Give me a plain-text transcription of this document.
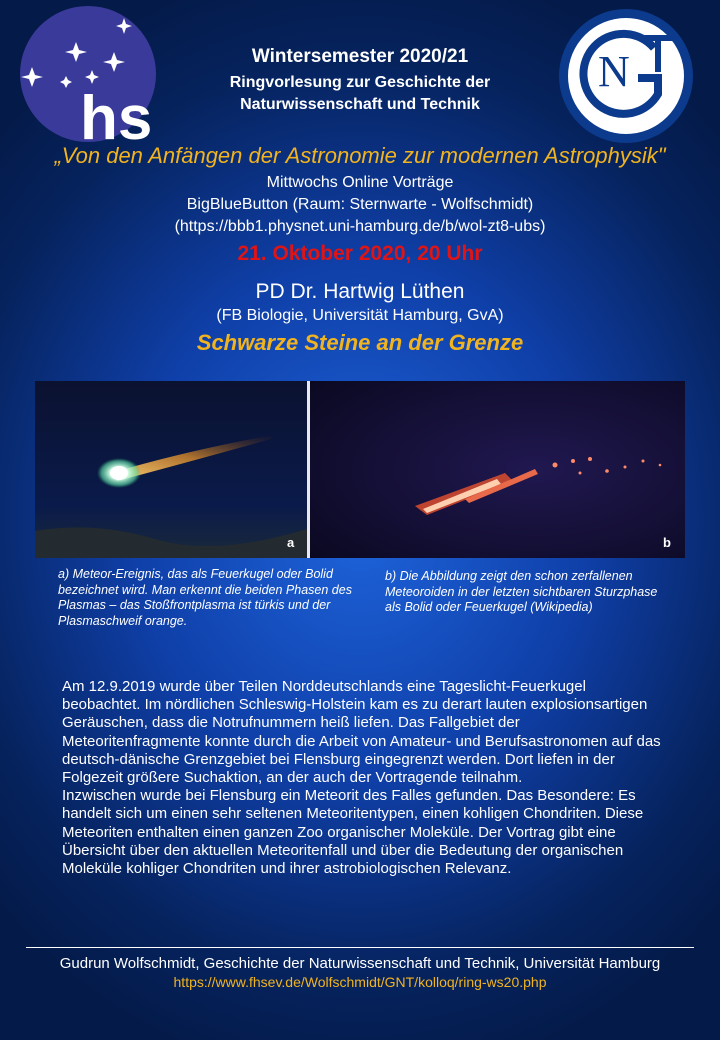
hs
N
Wintersemester 2020/21
Ringvorlesung zur Geschichte der
Naturwissenschaft und Technik
„Von den Anfängen der Astronomie zur modernen Astrophysik"
Mittwochs Online Vorträge
BigBlueButton (Raum: Sternwarte - Wolfschmidt)
(https://bbb1.physnet.uni-hamburg.de/b/wol-zt8-ubs)
21. Oktober 2020, 20 Uhr
PD Dr. Hartwig Lüthen
(FB Biologie, Universität Hamburg, GvA)
Schwarze Steine an der Grenze
a	b
a) Meteor-Ereignis, das als Feuerkugel oder Bolid bezeichnet wird. Man erkennt die beiden Phasen des Plasmas – das Stoßfrontplasma ist türkis und der Plasmaschweif orange.
b) Die Abbildung zeigt den schon zerfallenen Meteoroiden in der letzten sichtbaren Sturzphase als Bolid oder Feuerkugel (Wikipedia)

Am 12.9.2019 wurde über Teilen Norddeutschlands eine Tageslicht-Feuerkugel beobachtet. Im nördlichen Schleswig-Holstein kam es zu derart lauten explosionsartigen Geräuschen, dass die Notrufnummern heiß liefen. Das Fallgebiet der Meteoritenfragmente konnte durch die Arbeit von Amateur- und Berufsastronomen auf das deutsch-dänische Grenzgebiet bei Flensburg eingegrenzt werden. Dort liefen in der Folgezeit größere Suchaktion, an der auch der Vortragende teilnahm.

Inzwischen wurde bei Flensburg ein Meteorit des Falles gefunden. Das Besondere: Es handelt sich um einen sehr seltenen Meteoritentypen, einen kohligen Chondriten. Diese Meteoriten enthalten einen ganzen Zoo organischer Moleküle. Der Vortrag gibt eine Übersicht über den aktuellen Meteoritenfall und über die Bedeutung der organischen Moleküle kohliger Chondriten und ihrer astrobiologischen Relevanz.

Gudrun Wolfschmidt, Geschichte der Naturwissenschaft und Technik, Universität Hamburg
https://www.fhsev.de/Wolfschmidt/GNT/kolloq/ring-ws20.php
